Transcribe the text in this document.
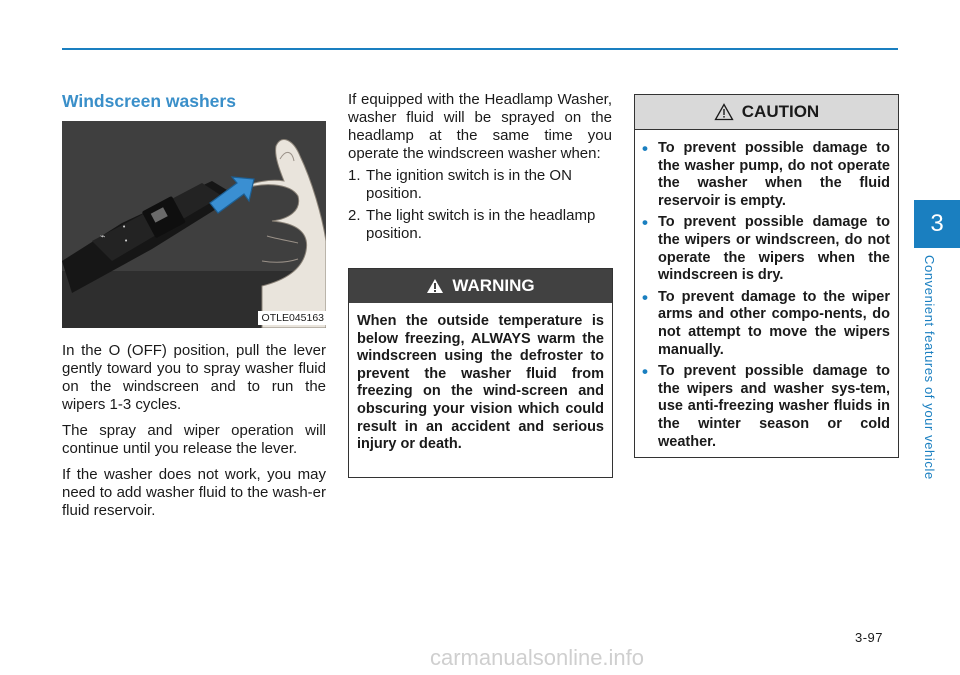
3
Convenient features of your vehicle
Windscreen washers
⌁
•
•
OTLE045163

In the O (OFF) position, pull the lever gently toward you to spray washer fluid on the windscreen and to run the wipers 1-3 cycles.

The spray and wiper operation will continue until you release the lever.

If the washer does not work, you may need to add washer fluid to the wash-er fluid reservoir.

If equipped with the Headlamp Washer, washer fluid will be sprayed on the headlamp at the same time you operate the windscreen washer when:

1. The ignition switch is in the ON position.
2. The light switch is in the headlamp position.
WARNING
When the outside temperature is below freezing, ALWAYS warm the windscreen using the defroster to prevent the washer fluid from freezing on the wind-screen and obscuring your vision which could result in an accident and serious injury or death.
CAUTION
• To prevent possible damage to the washer pump, do not operate the washer when the fluid reservoir is empty.
• To prevent possible damage to the wipers or windscreen, do not operate the wipers when the windscreen is dry.
• To prevent damage to the wiper arms and other compo-nents, do not attempt to move the wipers manually.
• To prevent possible damage to the wipers and washer sys-tem, use anti-freezing washer fluids in the winter season or cold weather.
3-97
carmanualsonline.info
